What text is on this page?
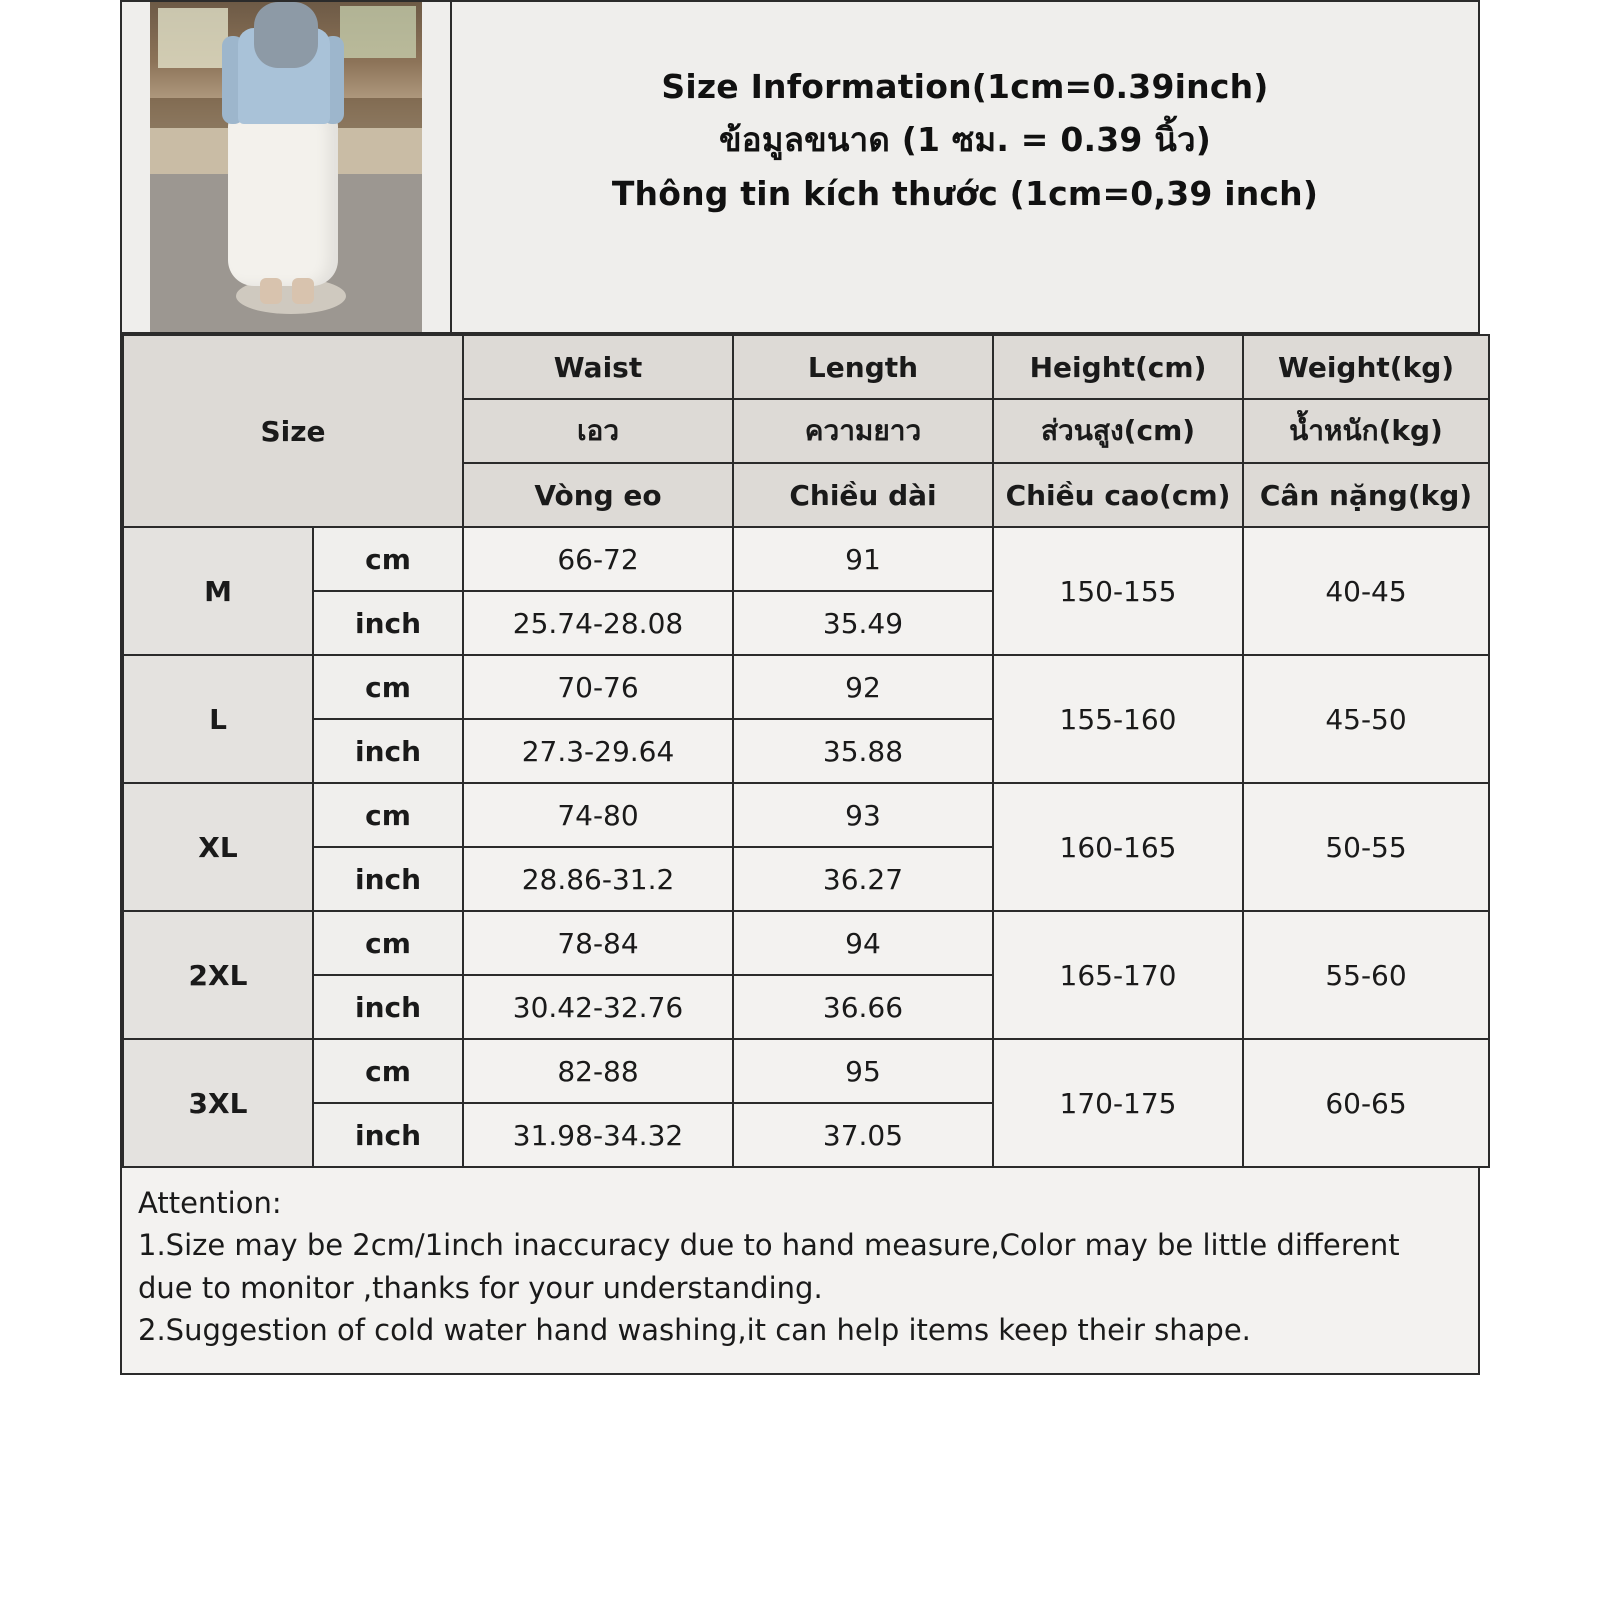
Size Information(1cm=0.39inch)
ข้อมูลขนาด (1 ซม. = 0.39 นิ้ว)
Thông tin kích thước (1cm=0,39 inch)
Size		Waist	Length	Height(cm)	Weight(kg)
		เอว	ความยาว	ส่วนสูง(cm)	น้ำหนัก(kg)
		Vòng eo	Chiều dài	Chiều cao(cm)	Cân nặng(kg)
M	cm	66-72	91	150-155	40-45
	inch	25.74-28.08	35.49		
L	cm	70-76	92	155-160	45-50
	inch	27.3-29.64	35.88		
XL	cm	74-80	93	160-165	50-55
	inch	28.86-31.2	36.27		
2XL	cm	78-84	94	165-170	55-60
	inch	30.42-32.76	36.66		
3XL	cm	82-88	95	170-175	60-65
	inch	31.98-34.32	37.05		

Attention:

1.Size may be 2cm/1inch inaccuracy due to hand measure,Color may be little different

due to monitor ,thanks for your understanding.

2.Suggestion of cold water hand washing,it can help items keep their shape.
